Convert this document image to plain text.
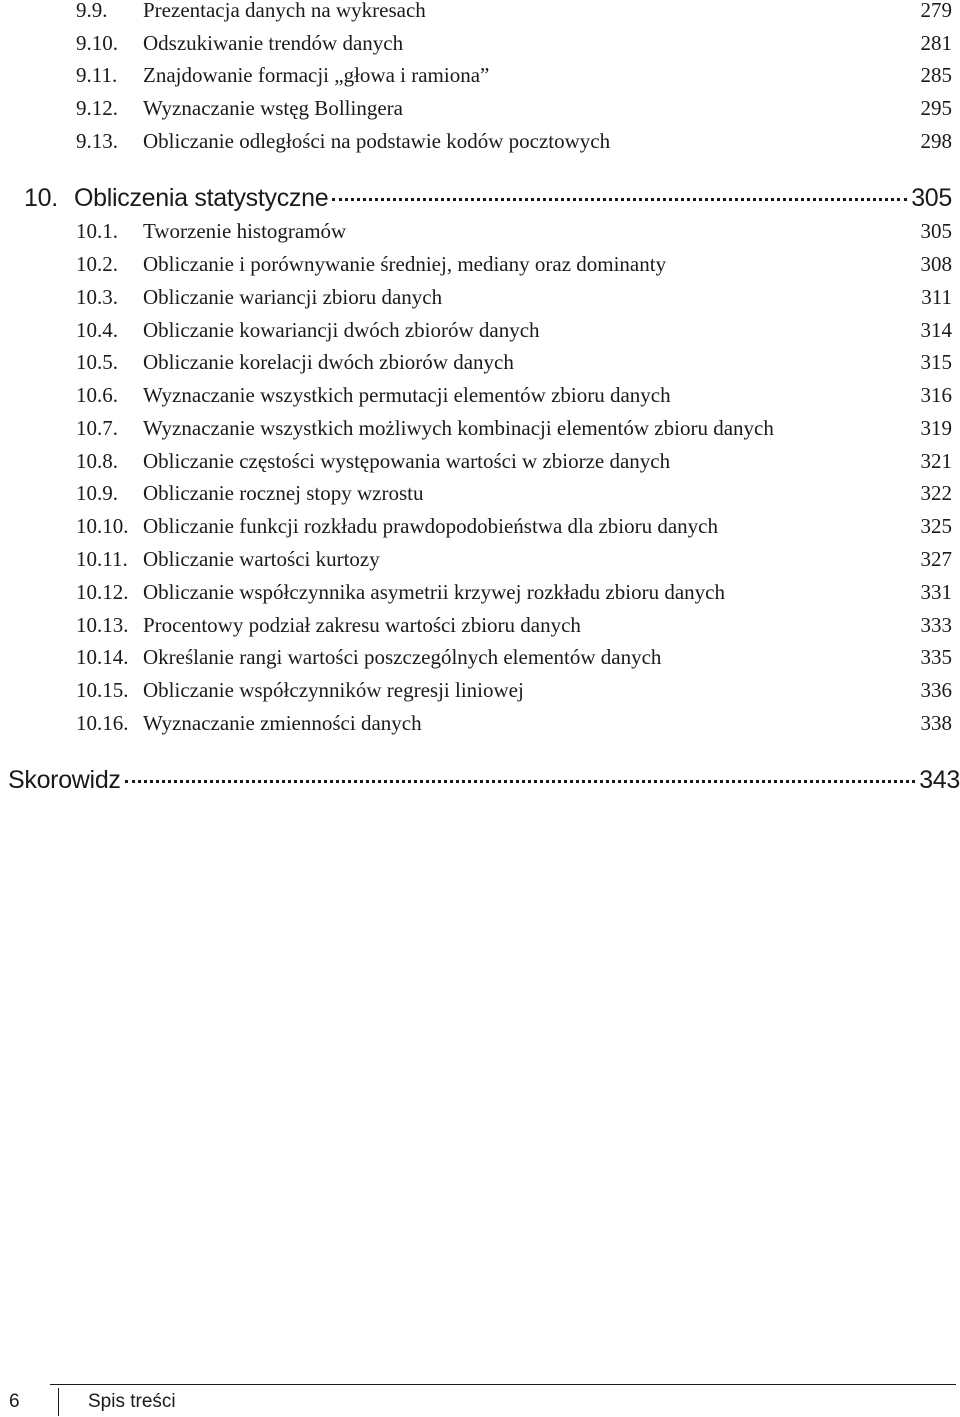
9.9. Prezentacja danych na wykresach	279
9.10. Odszukiwanie trendów danych	281
9.11. Znajdowanie formacji „głowa i ramiona”	285
9.12. Wyznaczanie wstęg Bollingera	295
9.13. Obliczanie odległości na podstawie kodów pocztowych	298
10. Obliczenia statystyczne	305
10.1. Tworzenie histogramów	305
10.2. Obliczanie i porównywanie średniej, mediany oraz dominanty	308
10.3. Obliczanie wariancji zbioru danych	311
10.4. Obliczanie kowariancji dwóch zbiorów danych	314
10.5. Obliczanie korelacji dwóch zbiorów danych	315
10.6. Wyznaczanie wszystkich permutacji elementów zbioru danych	316
10.7. Wyznaczanie wszystkich możliwych kombinacji elementów zbioru danych	319
10.8. Obliczanie częstości występowania wartości w zbiorze danych	321
10.9. Obliczanie rocznej stopy wzrostu	322
10.10. Obliczanie funkcji rozkładu prawdopodobieństwa dla zbioru danych	325
10.11. Obliczanie wartości kurtozy	327
10.12. Obliczanie współczynnika asymetrii krzywej rozkładu zbioru danych	331
10.13. Procentowy podział zakresu wartości zbioru danych	333
10.14. Określanie rangi wartości poszczególnych elementów danych	335
10.15. Obliczanie współczynników regresji liniowej	336
10.16. Wyznaczanie zmienności danych	338
Skorowidz	343
6	Spis treści
